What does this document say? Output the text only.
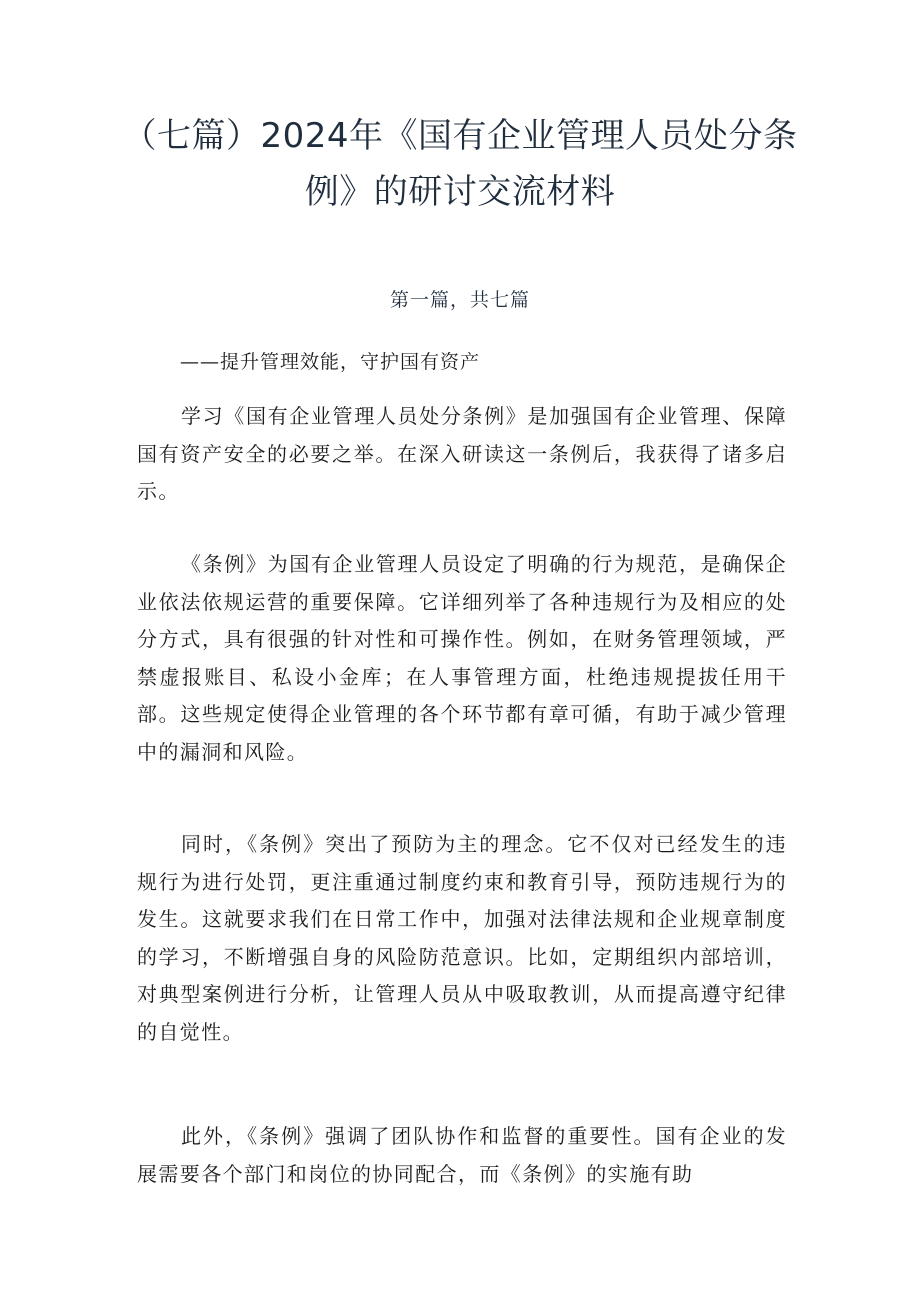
（七篇）2024年《国有企业管理人员处分条例》的研讨交流材料

第一篇，共七篇

——提升管理效能，守护国有资产

学习《国有企业管理人员处分条例》是加强国有企业管理、保障国有资产安全的必要之举。在深入研读这一条例后，我获得了诸多启示。

《条例》为国有企业管理人员设定了明确的行为规范，是确保企业依法依规运营的重要保障。它详细列举了各种违规行为及相应的处分方式，具有很强的针对性和可操作性。例如，在财务管理领域，严禁虚报账目、私设小金库；在人事管理方面，杜绝违规提拔任用干部。这些规定使得企业管理的各个环节都有章可循，有助于减少管理中的漏洞和风险。

同时，《条例》突出了预防为主的理念。它不仅对已经发生的违规行为进行处罚，更注重通过制度约束和教育引导，预防违规行为的发生。这就要求我们在日常工作中，加强对法律法规和企业规章制度的学习，不断增强自身的风险防范意识。比如，定期组织内部培训，对典型案例进行分析，让管理人员从中吸取教训，从而提高遵守纪律的自觉性。

此外，《条例》强调了团队协作和监督的重要性。国有企业的发展需要各个部门和岗位的协同配合，而《条例》的实施有助
